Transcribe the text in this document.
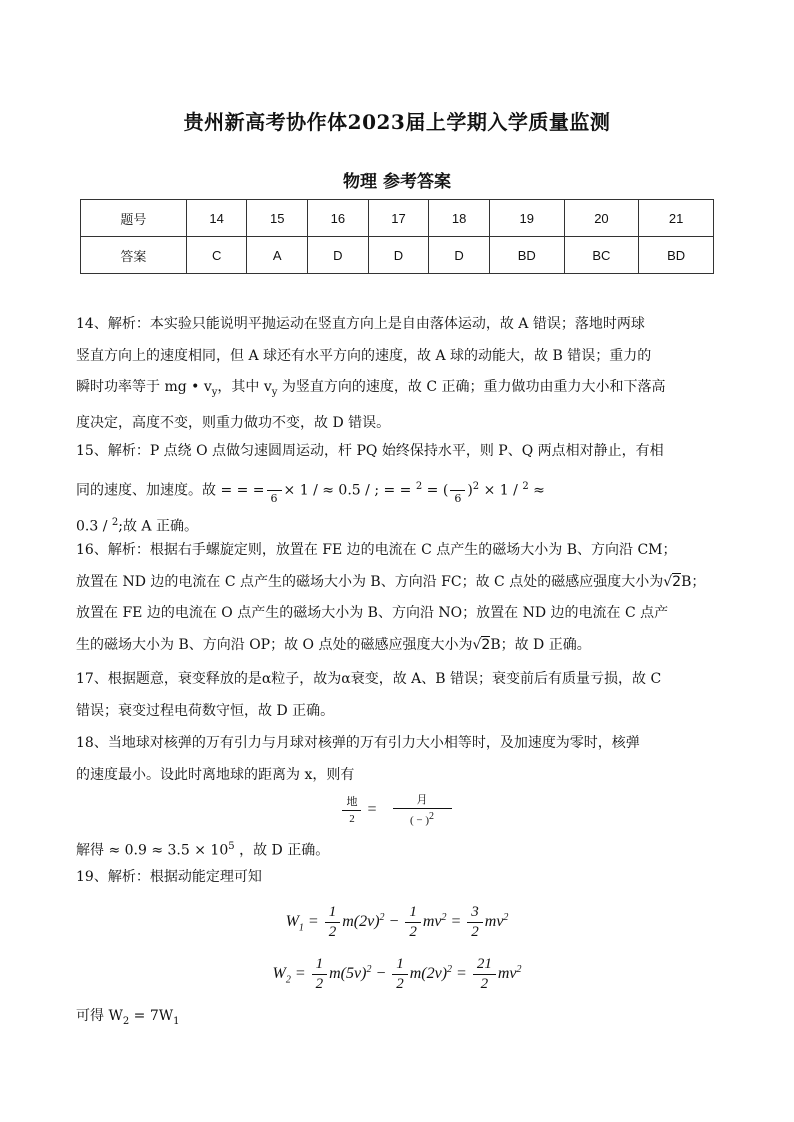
贵州新高考协作体2023届上学期入学质量监测
物理 参考答案
题号	14	15	16	17	18	19	20	21
答案	C	A	D	D	D	BD	BC	BD
14、解析：本实验只能说明平抛运动在竖直方向上是自由落体运动，故 A 错误；落地时两球
竖直方向上的速度相同，但 A 球还有水平方向的速度，故 A 球的动能大，故 B 错误；重力的
瞬时功率等于 mg • $v_y$，其中 $v_y$ 为竖直方向的速度，故 C 正确；重力做功由重力大小和下落高
度决定，高度不变，则重力做功不变，故 D 错误。
15、解析：P 点绕 O 点做匀速圆周运动，杆 PQ 始终保持水平，则 P、Q 两点相对静止，有相
同的速度、加速度。故 = = = 6 × 1 / ≈ 0.5 / ; = = $^2$ = ( 6 )$^2$ × 1 / $^2$ ≈
0.3 / $^2$;故 A 正确。
16、解析：根据右手螺旋定则，放置在 FE 边的电流在 C 点产生的磁场大小为 B、方向沿 CM；
放置在 ND 边的电流在 C 点产生的磁场大小为 B、方向沿 FC；故 C 点处的磁感应强度大小为√2B；
放置在 FE 边的电流在 O 点产生的磁场大小为 B、方向沿 NO；放置在 ND 边的电流在 C 点产
生的磁场大小为 B、方向沿 OP；故 O 点处的磁感应强度大小为√2B；故 D 正确。
17、根据题意，衰变释放的是α粒子，故为α衰变，故 A、B 错误；衰变前后有质量亏损，故 C
错误；衰变过程电荷数守恒，故 D 正确。
18、当地球对核弹的万有引力与月球对核弹的万有引力大小相等时，及加速度为零时，核弹
的速度最小。设此时离地球的距离为 x，则有
$\frac{\text{地}}{2} = \frac{\text{月}}{( - )^2}$
解得 ≈ $0.9 \approx 3.5 \times 10^5$ ，故 D 正确。
19、解析：根据动能定理可知
$W_1 = \frac{1}{2} m(2v)^2 - \frac{1}{2} mv^2 = \frac{3}{2} mv^2$
$W_2 = \frac{1}{2} m(5v)^2 - \frac{1}{2} m(2v)^2 = \frac{21}{2} mv^2$
可得 $W_2 = 7W_1$
